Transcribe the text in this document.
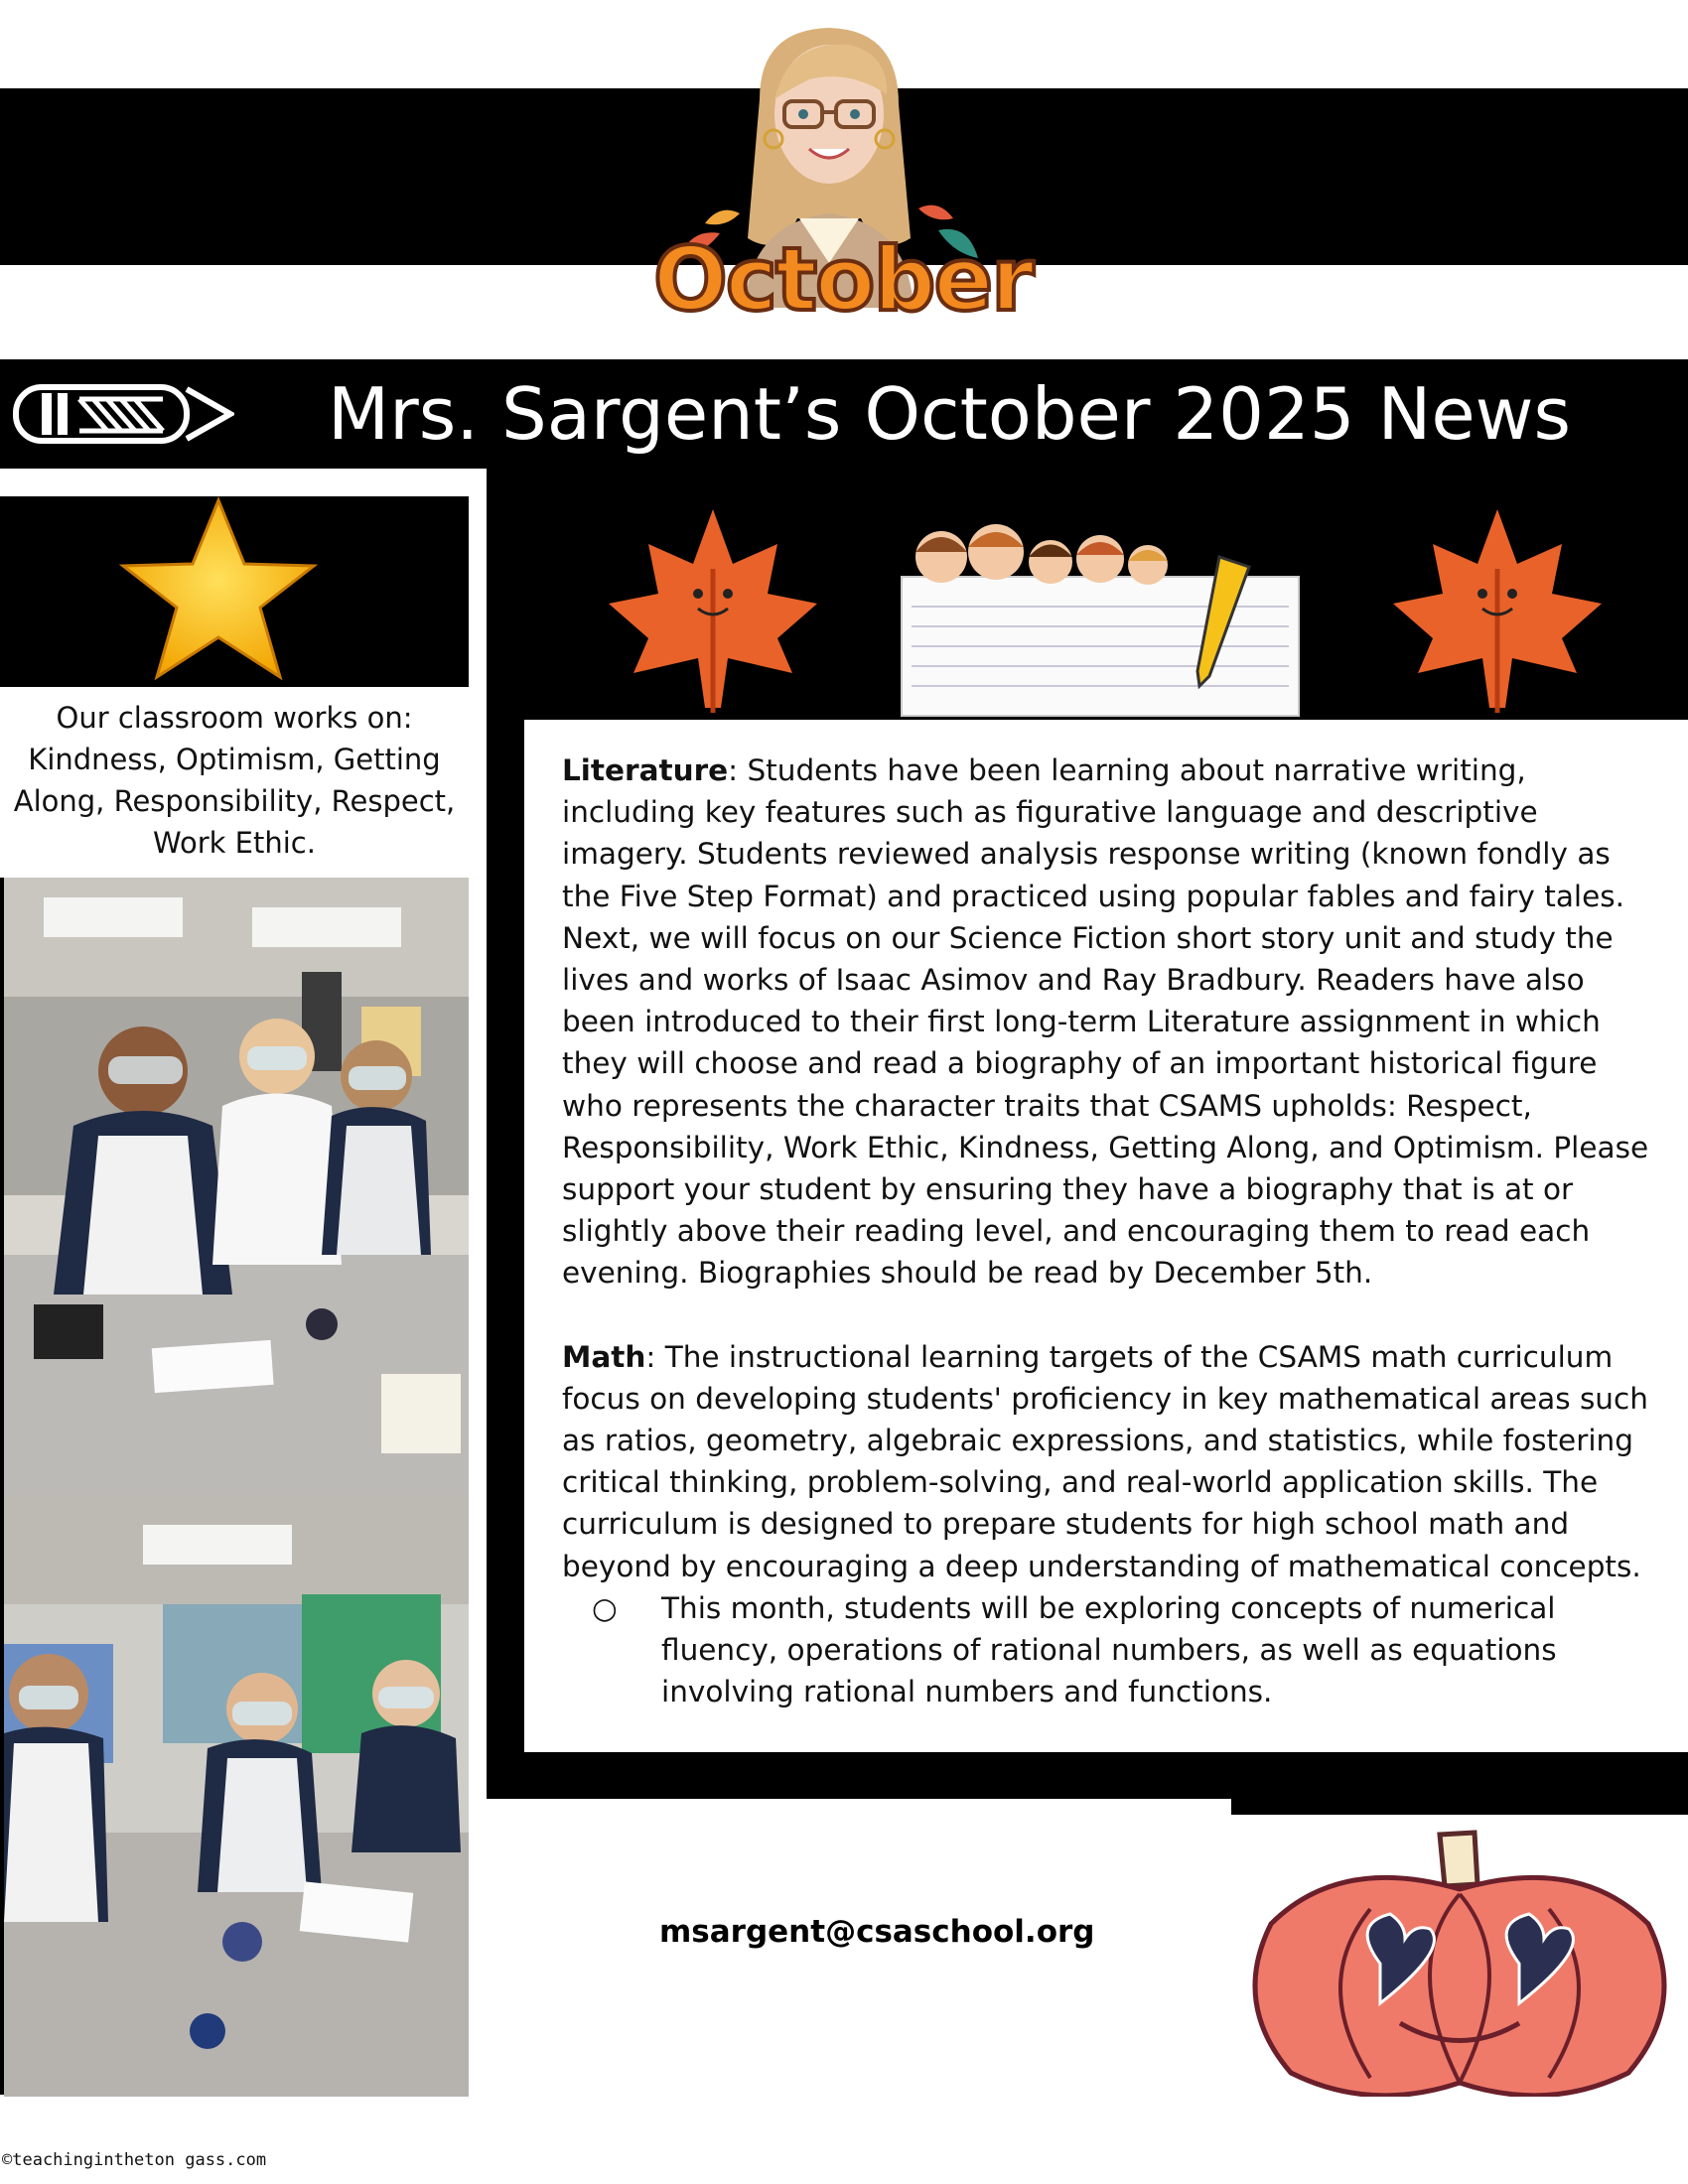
October
Mrs. Sargent’s October 2025 News
Our classroom works on: Kindness, Optimism, Getting Along, Responsibility, Respect, Work Ethic.

Literature: Students have been learning about narrative writing, including key features such as figurative language and descriptive imagery. Students reviewed analysis response writing (known fondly as the Five Step Format) and practiced using popular fables and fairy tales. Next, we will focus on our Science Fiction short story unit and study the lives and works of Isaac Asimov and Ray Bradbury. Readers have also been introduced to their first long-term Literature assignment in which they will choose and read a biography of an important historical figure who represents the character traits that CSAMS upholds: Respect, Responsibility, Work Ethic, Kindness, Getting Along, and Optimism. Please support your student by ensuring they have a biography that is at or slightly above their reading level, and encouraging them to read each evening. Biographies should be read by December 5th.

Math: The instructional learning targets of the CSAMS math curriculum focus on developing students' proficiency in key mathematical areas such as ratios, geometry, algebraic expressions, and statistics, while fostering critical thinking, problem-solving, and real-world application skills. The curriculum is designed to prepare students for high school math and beyond by encouraging a deep understanding of mathematical concepts.

○ This month, students will be exploring concepts of numerical fluency, operations of rational numbers, as well as equations involving rational numbers and functions.
msargent@csaschool.org
©teachingintheton gass.com
